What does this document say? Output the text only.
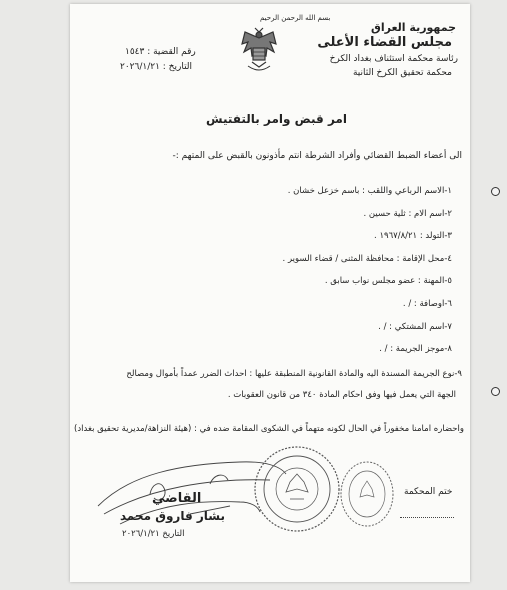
بسم الله الرحمن الرحيم
جمهورية العراق
مجلس القضاء الأعلى
رئاسة محكمة استئناف بغداد الكرخ
محكمة تحقيق الكرخ الثانية
رقم القضية : ١٥٤٣
التاريخ : ٢٠٢٦/١/٢١
امر قبض وامر بالتفتيش
الى أعضاء الضبط القضائي وأفراد الشرطة انتم مأذونون بالقبض على المتهم :-
١-الاسم الرباعي واللقب : باسم خزعل خشان .
٢-اسم الام : ثلية حسين .
٣-التولد : ١٩٦٧/٨/٢١ .
٤-محل الإقامة : محافظة المثنى / قضاء السوير .
٥-المهنة : عضو مجلس نواب سابق .
٦-اوصافة : / .
٧-اسم المشتكي : / .
٨-موجز الجريمة : / .
٩-نوع الجريمة المسندة اليه والمادة القانونية المنطبقة عليها : احداث الضرر عمداً بأموال ومصالح
الجهة التي يعمل فيها وفق احكام المادة ٣٤٠ من قانون العقوبات .
واحضاره امامنا مخفوراً في الحال لكونه متهماً في الشكوى المقامة ضده في : (هيئة النزاهة/مديرية تحقيق بغداد)
ختم المحكمة
القاضي
بشار فاروق محمد
التاريخ ٢٠٢٦/١/٢١
